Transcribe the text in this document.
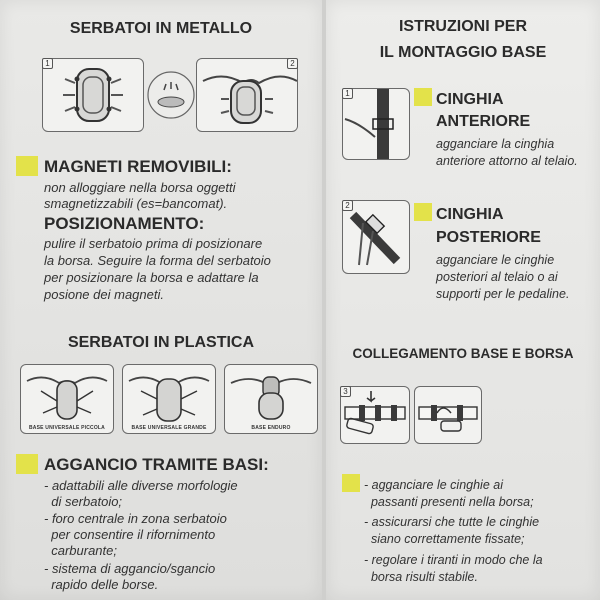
SERBATOI IN METALLO
1	2
MAGNETI REMOVIBILI:
non alloggiare nella borsa oggetti
smagnetizzabili (es=bancomat).
POSIZIONAMENTO:
pulire il serbatoio prima di posizionare
la borsa. Seguire la forma del serbatoio
per posizionare la borsa e adattare la
posione dei magneti.
SERBATOI IN PLASTICA
BASE UNIVERSALE PICCOLA	BASE UNIVERSALE GRANDE	BASE ENDURO
AGGANCIO TRAMITE BASI:
- adattabili alle diverse morfologie
di serbatoio;
- foro centrale in zona serbatoio
per consentire il rifornimento
carburante;
- sistema di aggancio/sgancio
rapido delle borse.
ISTRUZIONI PER
IL MONTAGGIO BASE
1	CINGHIA
ANTERIORE
agganciare la cinghia
anteriore attorno al telaio.
2
CINGHIA
POSTERIORE
agganciare le cinghie
posteriori al telaio o ai
supporti per le pedaline.
COLLEGAMENTO BASE E BORSA
3
- agganciare le cinghie ai
passanti presenti nella borsa;
- assicurarsi che tutte le cinghie
siano correttamente fissate;
- regolare i tiranti in modo che la
borsa risulti stabile.
